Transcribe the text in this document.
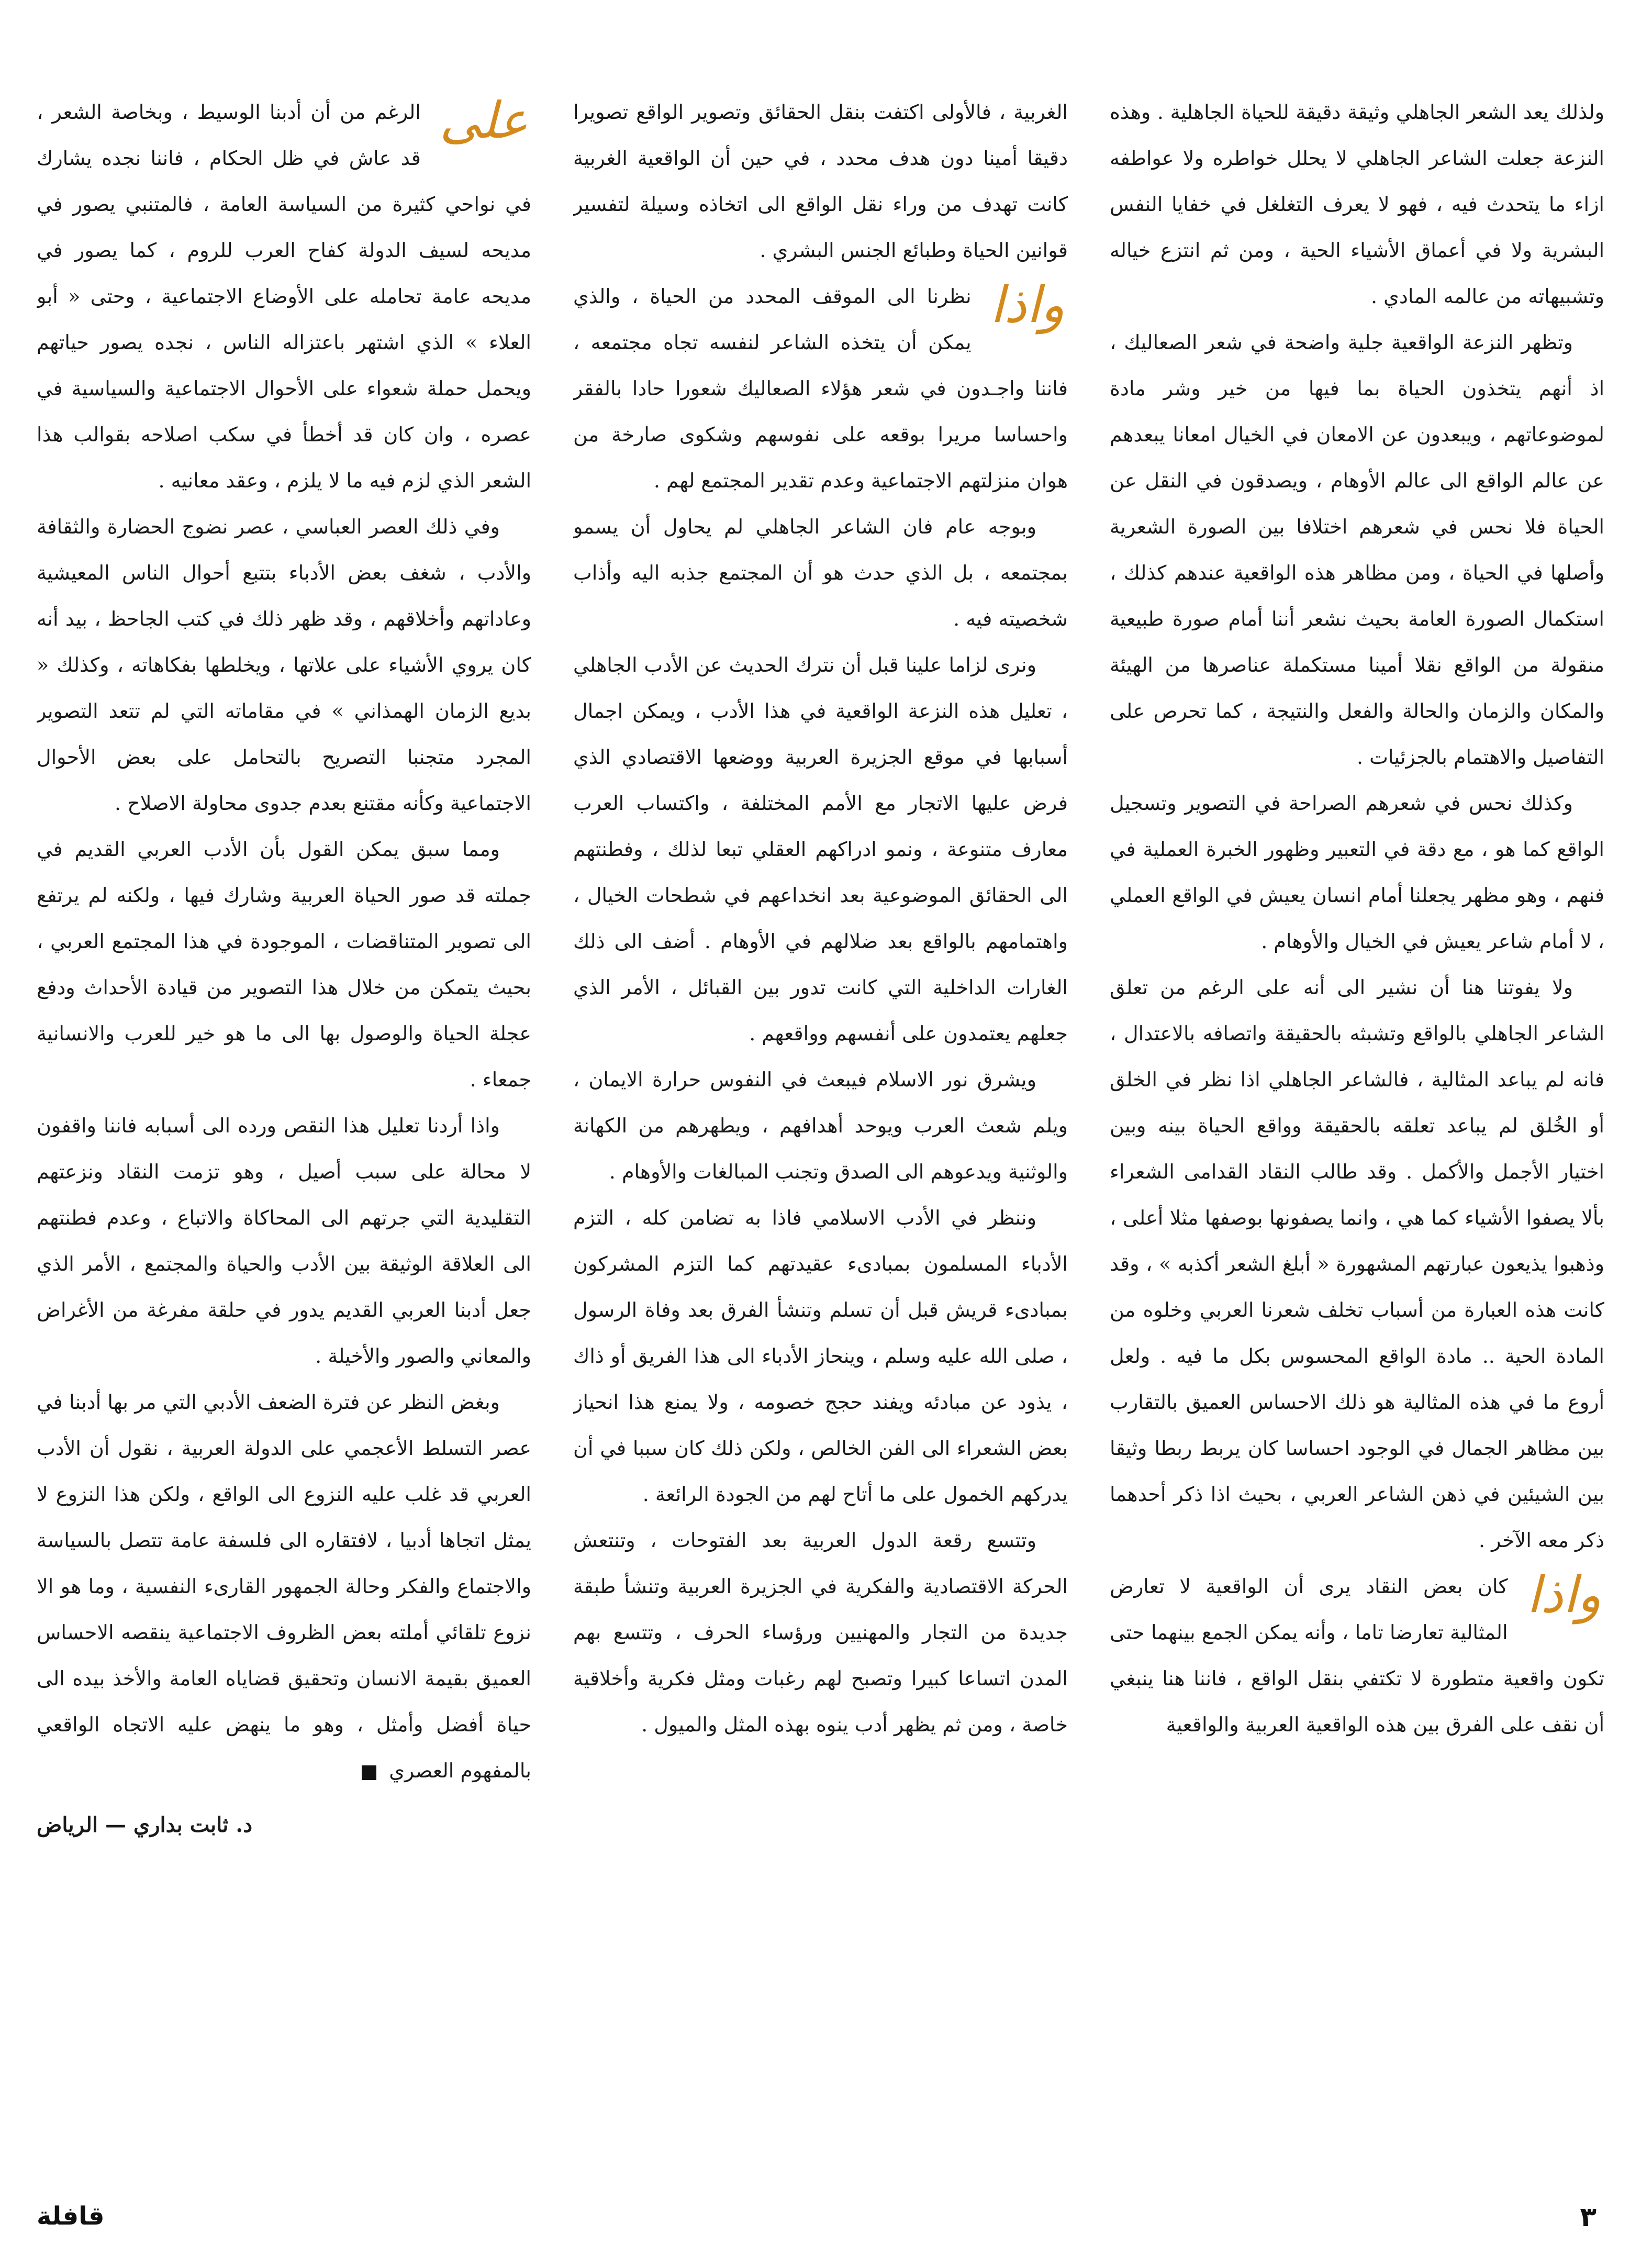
ولذلك يعد الشعر الجاهلي وثيقة دقيقة للحياة الجاهلية . وهذه النزعة جعلت الشاعر الجاهلي لا يحلل خواطره ولا عواطفه ازاء ما يتحدث فيه ، فهو لا يعرف التغلغل في خفايا النفس البشرية ولا في أعماق الأشياء الحية ، ومن ثم انتزع خياله وتشبيهاته من عالمه المادي .

وتظهر النزعة الواقعية جلية واضحة في شعر الصعاليك ، اذ أنهم يتخذون الحياة بما فيها من خير وشر مادة لموضوعاتهم ، ويبعدون عن الامعان في الخيال امعانا يبعدهم عن عالم الواقع الى عالم الأوهام ، ويصدقون في النقل عن الحياة فلا نحس في شعرهم اختلافا بين الصورة الشعرية وأصلها في الحياة ، ومن مظاهر هذه الواقعية عندهم كذلك ، استكمال الصورة العامة بحيث نشعر أننا أمام صورة طبيعية منقولة من الواقع نقلا أمينا مستكملة عناصرها من الهيئة والمكان والزمان والحالة والفعل والنتيجة ، كما تحرص على التفاصيل والاهتمام بالجزئيات .

وكذلك نحس في شعرهم الصراحة في التصوير وتسجيل الواقع كما هو ، مع دقة في التعبير وظهور الخبرة العملية في فنهم ، وهو مظهر يجعلنا أمام انسان يعيش في الواقع العملي ، لا أمام شاعر يعيش في الخيال والأوهام .

ولا يفوتنا هنا أن نشير الى أنه على الرغم من تعلق الشاعر الجاهلي بالواقع وتشبثه بالحقيقة واتصافه بالاعتدال ، فانه لم يباعد المثالية ، فالشاعر الجاهلي اذا نظر في الخلق أو الخُلق لم يباعد تعلقه بالحقيقة وواقع الحياة بينه وبين اختيار الأجمل والأكمل . وقد طالب النقاد القدامى الشعراء بألا يصفوا الأشياء كما هي ، وانما يصفونها بوصفها مثلا أعلى ، وذهبوا يذيعون عبارتهم المشهورة « أبلغ الشعر أكذبه » ، وقد كانت هذه العبارة من أسباب تخلف شعرنا العربي وخلوه من المادة الحية .. مادة الواقع المحسوس بكل ما فيه . ولعل أروع ما في هذه المثالية هو ذلك الاحساس العميق بالتقارب بين مظاهر الجمال في الوجود احساسا كان يربط ربطا وثيقا بين الشيئين في ذهن الشاعر العربي ، بحيث اذا ذكر أحدهما ذكر معه الآخر .

واذا
كان بعض النقاد يرى أن الواقعية لا تعارض المثالية تعارضا تاما ، وأنه يمكن الجمع بينهما حتى تكون واقعية متطورة لا تكتفي بنقل الواقع ، فاننا هنا ينبغي أن نقف على الفرق بين هذه الواقعية العربية والواقعية

الغربية ، فالأولى اكتفت بنقل الحقائق وتصوير الواقع تصويرا دقيقا أمينا دون هدف محدد ، في حين أن الواقعية الغربية كانت تهدف من وراء نقل الواقع الى اتخاذه وسيلة لتفسير قوانين الحياة وطبائع الجنس البشري .

واذا
نظرنا الى الموقف المحدد من الحياة ، والذي يمكن أن يتخذه الشاعر لنفسه تجاه مجتمعه ، فاننا واجـدون في شعر هؤلاء الصعاليك شعورا حادا بالفقر واحساسا مريرا بوقعه على نفوسهم وشكوى صارخة من هوان منزلتهم الاجتماعية وعدم تقدير المجتمع لهم .

وبوجه عام فان الشاعر الجاهلي لم يحاول أن يسمو بمجتمعه ، بل الذي حدث هو أن المجتمع جذبه اليه وأذاب شخصيته فيه .

ونرى لزاما علينا قبل أن نترك الحديث عن الأدب الجاهلي ، تعليل هذه النزعة الواقعية في هذا الأدب ، ويمكن اجمال أسبابها في موقع الجزيرة العربية ووضعها الاقتصادي الذي فرض عليها الاتجار مع الأمم المختلفة ، واكتساب العرب معارف متنوعة ، ونمو ادراكهم العقلي تبعا لذلك ، وفطنتهم الى الحقائق الموضوعية بعد انخداعهم في شطحات الخيال ، واهتمامهم بالواقع بعد ضلالهم في الأوهام . أضف الى ذلك الغارات الداخلية التي كانت تدور بين القبائل ، الأمر الذي جعلهم يعتمدون على أنفسهم وواقعهم .

ويشرق نور الاسلام فيبعث في النفوس حرارة الايمان ، ويلم شعث العرب ويوحد أهدافهم ، ويطهرهم من الكهانة والوثنية ويدعوهم الى الصدق وتجنب المبالغات والأوهام .

وننظر في الأدب الاسلامي فاذا به تضامن كله ، التزم الأدباء المسلمون بمبادىء عقيدتهم كما التزم المشركون بمبادىء قريش قبل أن تسلم وتنشأ الفرق بعد وفاة الرسول ، صلى الله عليه وسلم ، وينحاز الأدباء الى هذا الفريق أو ذاك ، يذود عن مبادئه ويفند حجج خصومه ، ولا يمنع هذا انحياز بعض الشعراء الى الفن الخالص ، ولكن ذلك كان سببا في أن يدركهم الخمول على ما أتاح لهم من الجودة الرائعة .

وتتسع رقعة الدول العربية بعد الفتوحات ، وتنتعش الحركة الاقتصادية والفكرية في الجزيرة العربية وتنشأ طبقة جديدة من التجار والمهنيين ورؤساء الحرف ، وتتسع بهم المدن اتساعا كبيرا وتصبح لهم رغبات ومثل فكرية وأخلاقية خاصة ، ومن ثم يظهر أدب ينوه بهذه المثل والميول .

على
الرغم من أن أدبنا الوسيط ، وبخاصة الشعر ، قد عاش في ظل الحكام ، فاننا نجده يشارك في نواحي كثيرة من السياسة العامة ، فالمتنبي يصور في مديحه لسيف الدولة كفاح العرب للروم ، كما يصور في مديحه عامة تحامله على الأوضاع الاجتماعية ، وحتى « أبو العلاء » الذي اشتهر باعتزاله الناس ، نجده يصور حياتهم ويحمل حملة شعواء على الأحوال الاجتماعية والسياسية في عصره ، وان كان قد أخطأ في سكب اصلاحه بقوالب هذا الشعر الذي لزم فيه ما لا يلزم ، وعقد معانيه .

وفي ذلك العصر العباسي ، عصر نضوج الحضارة والثقافة والأدب ، شغف بعض الأدباء بتتبع أحوال الناس المعيشية وعاداتهم وأخلاقهم ، وقد ظهر ذلك في كتب الجاحظ ، بيد أنه كان يروي الأشياء على علاتها ، ويخلطها بفكاهاته ، وكذلك « بديع الزمان الهمذاني » في مقاماته التي لم تتعد التصوير المجرد متجنبا التصريح بالتحامل على بعض الأحوال الاجتماعية وكأنه مقتنع بعدم جدوى محاولة الاصلاح .

ومما سبق يمكن القول بأن الأدب العربي القديم في جملته قد صور الحياة العربية وشارك فيها ، ولكنه لم يرتفع الى تصوير المتناقضات ، الموجودة في هذا المجتمع العربي ، بحيث يتمكن من خلال هذا التصوير من قيادة الأحداث ودفع عجلة الحياة والوصول بها الى ما هو خير للعرب والانسانية جمعاء .

واذا أردنا تعليل هذا النقص ورده الى أسبابه فاننا واقفون لا محالة على سبب أصيل ، وهو تزمت النقاد ونزعتهم التقليدية التي جرتهم الى المحاكاة والاتباع ، وعدم فطنتهم الى العلاقة الوثيقة بين الأدب والحياة والمجتمع ، الأمر الذي جعل أدبنا العربي القديم يدور في حلقة مفرغة من الأغراض والمعاني والصور والأخيلة .

وبغض النظر عن فترة الضعف الأدبي التي مر بها أدبنا في عصر التسلط الأعجمي على الدولة العربية ، نقول أن الأدب العربي قد غلب عليه النزوع الى الواقع ، ولكن هذا النزوع لا يمثل اتجاها أدبيا ، لافتقاره الى فلسفة عامة تتصل بالسياسة والاجتماع والفكر وحالة الجمهور القارىء النفسية ، وما هو الا نزوع تلقائي أملته بعض الظروف الاجتماعية ينقصه الاحساس العميق بقيمة الانسان وتحقيق قضاياه العامة والأخذ بيده الى حياة أفضل وأمثل ، وهو ما ينهض عليه الاتجاه الواقعي بالمفهوم العصري

د. ثابت بداري — الرياض
٣
قافلة
